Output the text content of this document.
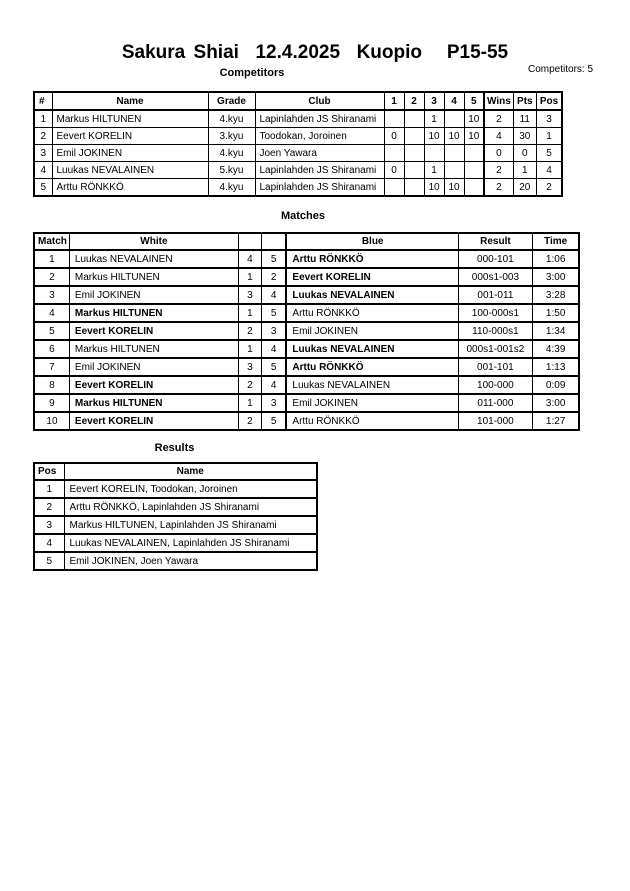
Sakura Shiai  12.4.2025  Kuopio   P15-55
Competitors: 5
Competitors
#	Name	Grade	Club	1	2	3	4	5	Wins	Pts	Pos
1	Markus HILTUNEN	4.kyu	Lapinlahden JS Shiranami			1		10	2	11	3
2	Eevert KORELIN	3.kyu	Toodokan, Joroinen	0		10	10	10	4	30	1
3	Emil JOKINEN	4.kyu	Joen Yawara						0	0	5
4	Luukas NEVALAINEN	5.kyu	Lapinlahden JS Shiranami	0		1			2	1	4
5	Arttu RÖNKKÖ	4.kyu	Lapinlahden JS Shiranami			10	10		2	20	2
Matches
Match	White			Blue	Result	Time
1	Luukas NEVALAINEN	4	5	Arttu RÖNKKÖ	000-101	1:06
2	Markus HILTUNEN	1	2	Eevert KORELIN	000s1-003	3:00
3	Emil JOKINEN	3	4	Luukas NEVALAINEN	001-011	3:28
4	Markus HILTUNEN	1	5	Arttu RÖNKKÖ	100-000s1	1:50
5	Eevert KORELIN	2	3	Emil JOKINEN	110-000s1	1:34
6	Markus HILTUNEN	1	4	Luukas NEVALAINEN	000s1-001s2	4:39
7	Emil JOKINEN	3	5	Arttu RÖNKKÖ	001-101	1:13
8	Eevert KORELIN	2	4	Luukas NEVALAINEN	100-000	0:09
9	Markus HILTUNEN	1	3	Emil JOKINEN	011-000	3:00
10	Eevert KORELIN	2	5	Arttu RÖNKKÖ	101-000	1:27
Results
Pos	Name
1	Eevert KORELIN, Toodokan, Joroinen
2	Arttu RÖNKKÖ, Lapinlahden JS Shiranami
3	Markus HILTUNEN, Lapinlahden JS Shiranami
4	Luukas NEVALAINEN, Lapinlahden JS Shiranami
5	Emil JOKINEN, Joen Yawara
